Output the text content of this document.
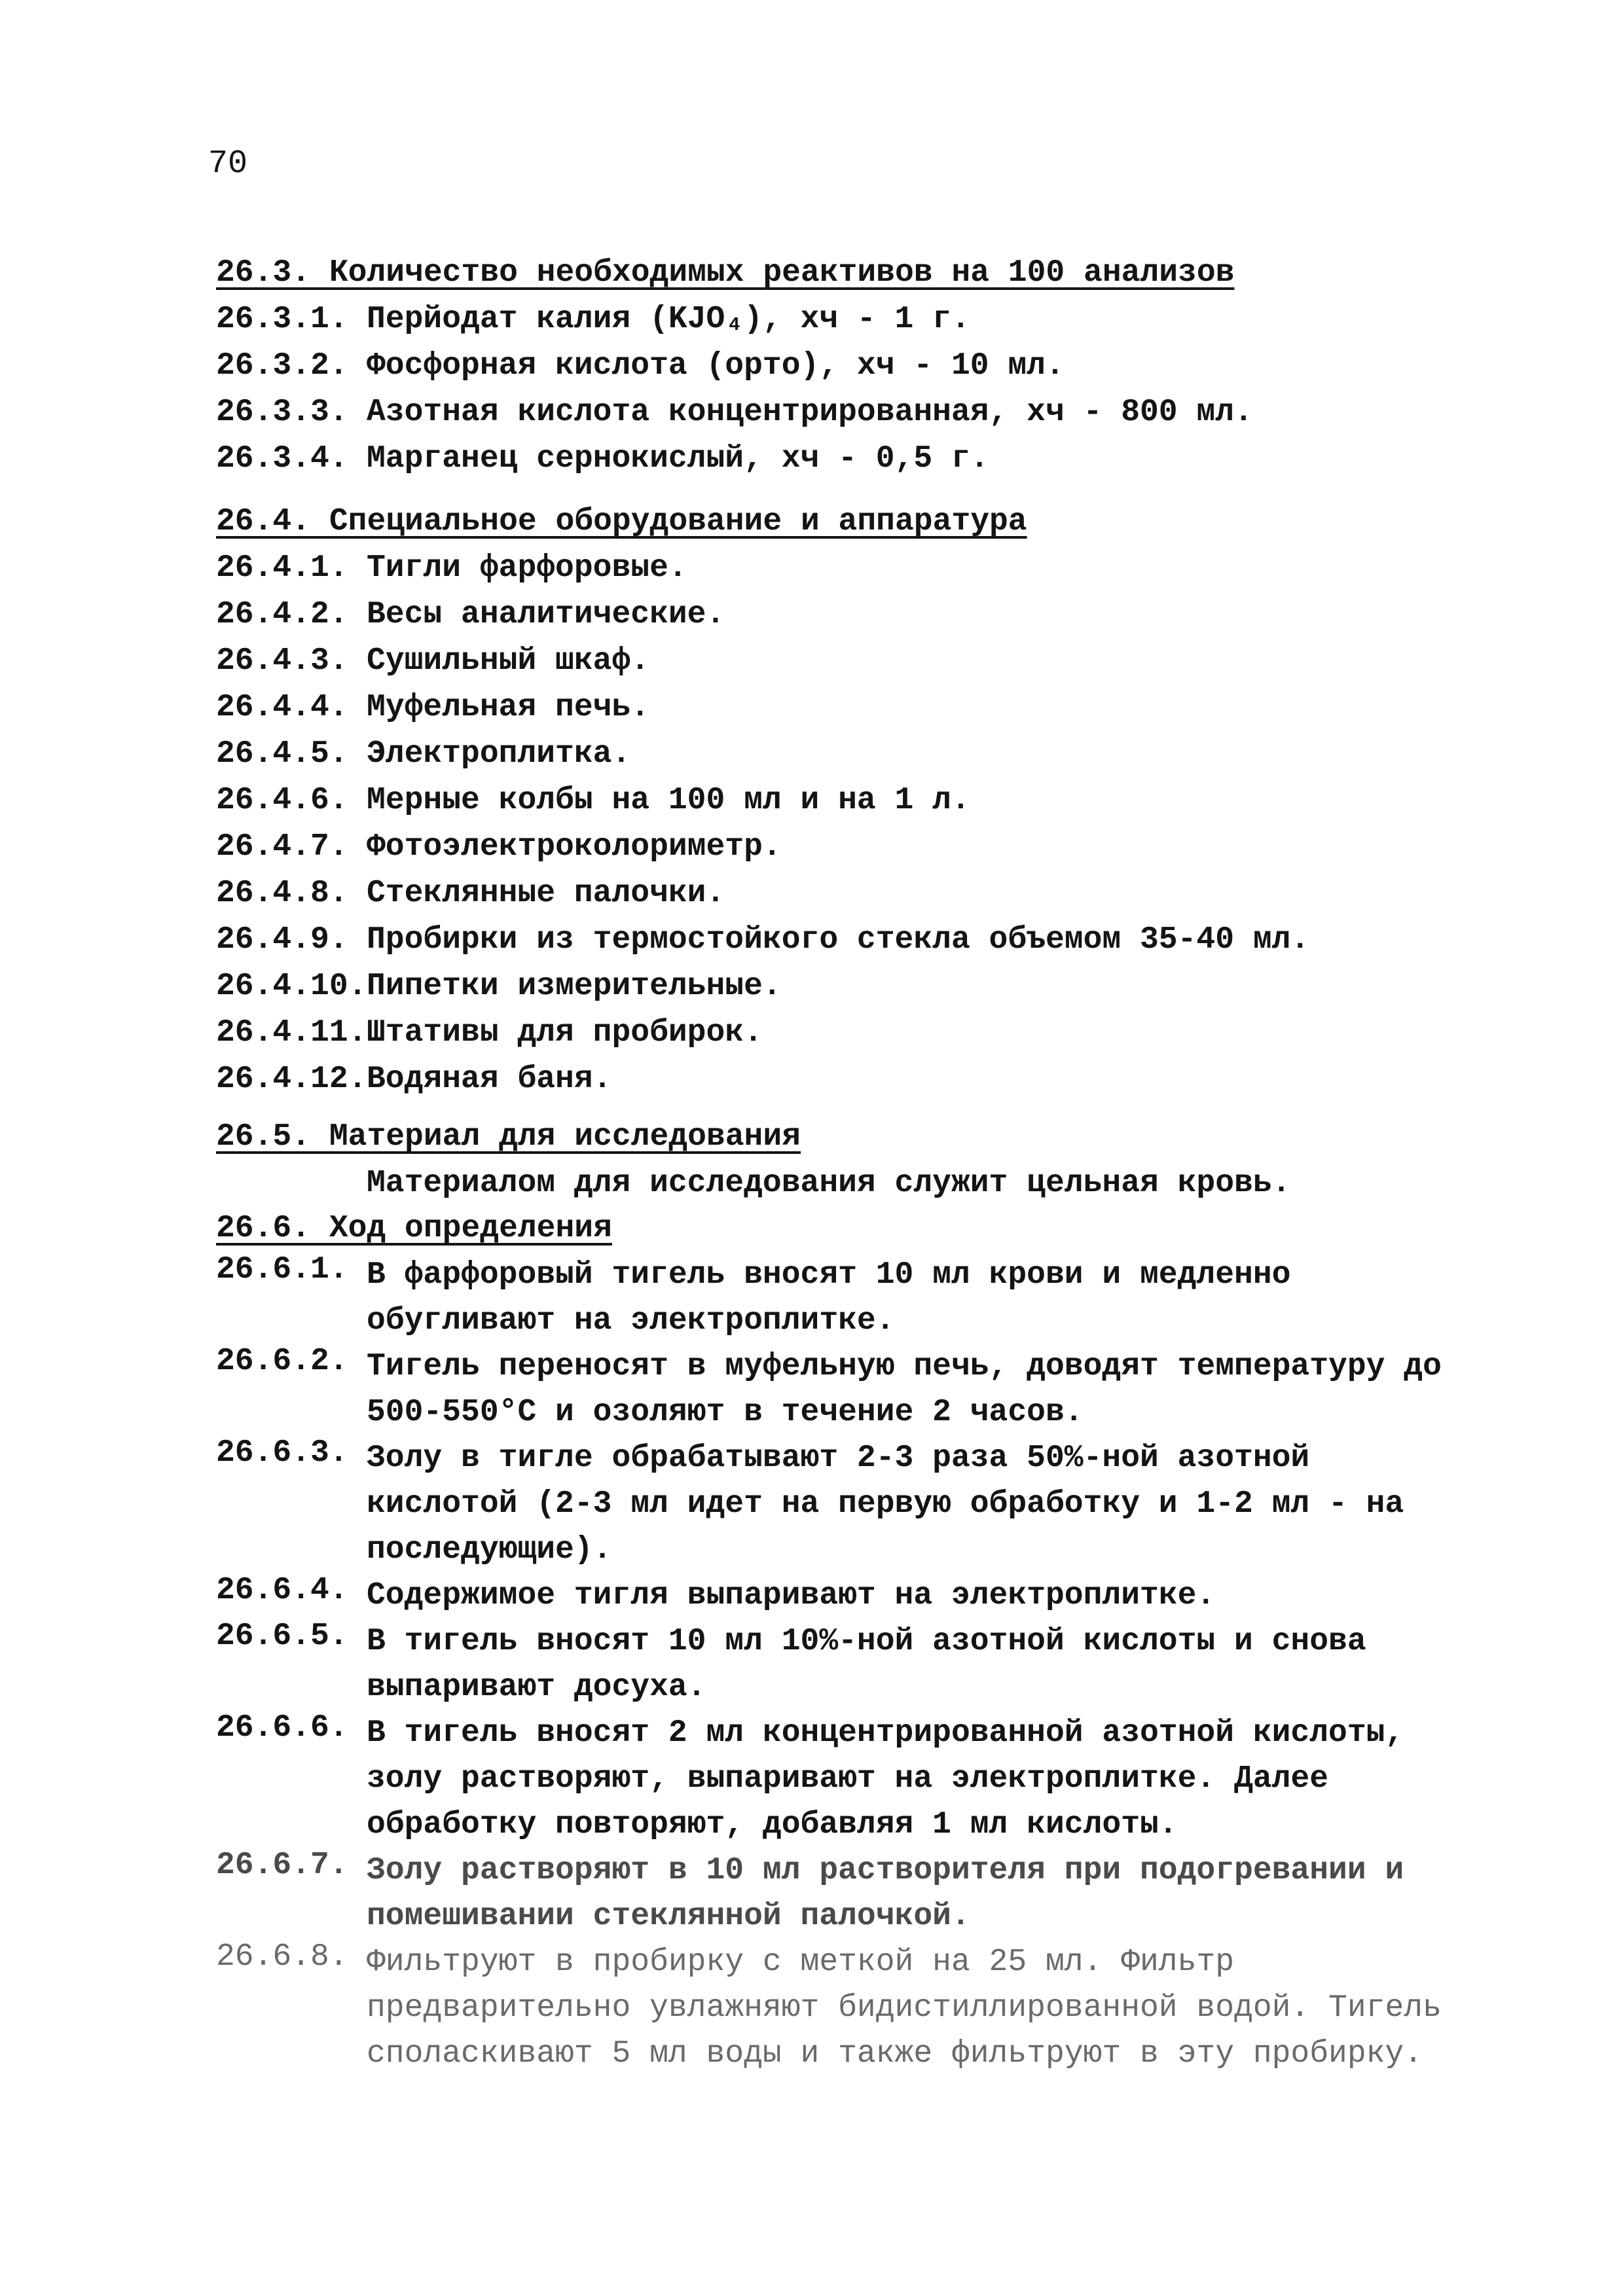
70
26.3. Количество необходимых реактивов на 100 анализов
26.3.1. Перйодат калия (KJO₄), хч - 1 г.
26.3.2. Фосфорная кислота (орто), хч - 10 мл.
26.3.3. Азотная кислота концентрированная, хч - 800 мл.
26.3.4. Марганец сернокислый, хч - 0,5 г.
26.4. Специальное оборудование и аппаратура
26.4.1. Тигли фарфоровые.
26.4.2. Весы аналитические.
26.4.3. Сушильный шкаф.
26.4.4. Муфельная печь.
26.4.5. Электроплитка.
26.4.6. Мерные колбы на 100 мл и на 1 л.
26.4.7. Фотоэлектроколориметр.
26.4.8. Стеклянные палочки.
26.4.9. Пробирки из термостойкого стекла объемом 35-40 мл.
26.4.10.Пипетки измерительные.
26.4.11.Штативы для пробирок.
26.4.12.Водяная баня.
26.5. Материал для исследования
Материалом для исследования служит цельная кровь.
26.6. Ход определения
26.6.1. В фарфоровый тигель вносят 10 мл крови и медленно обугливают на электроплитке.
26.6.2. Тигель переносят в муфельную печь, доводят температуру до 500-550°С и озоляют в течение 2 часов.
26.6.3. Золу в тигле обрабатывают 2-3 раза 50%-ной азотной кислотой (2-3 мл идет на первую обработку и 1-2 мл - на последующие).
26.6.4. Содержимое тигля выпаривают на электроплитке.
26.6.5. В тигель вносят 10 мл 10%-ной азотной кислоты и снова выпаривают досуха.
26.6.6. В тигель вносят 2 мл концентрированной азотной кислоты, золу растворяют, выпаривают на электроплитке. Далее обработку повторяют, добавляя 1 мл кислоты.
26.6.7. Золу растворяют в 10 мл растворителя при подогревании и помешивании стеклянной палочкой.
26.6.8. Фильтруют в пробирку с меткой на 25 мл. Фильтр предварительно увлажняют бидистиллированной водой. Тигель споласкивают 5 мл воды и также фильтруют в эту пробирку.
